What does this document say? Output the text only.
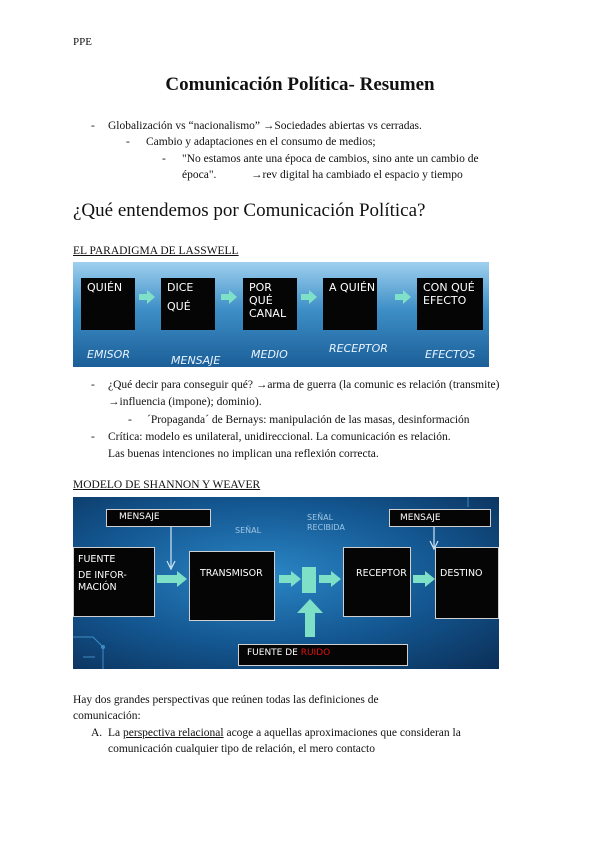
PPE
Comunicación Política- Resumen
- Globalización vs “nacionalismo” →Sociedades abiertas vs cerradas.
- Cambio y adaptaciones en el consumo de medios;
- "No estamos ante una época de cambios, sino ante un cambio de
época".	→rev digital ha cambiado el espacio y tiempo
¿Qué entendemos por Comunicación Política?
EL PARADIGMA DE LASSWELL
QUIÉN	DICE
QUÉ
POR QUÉ
CANAL
A QUIÉN	CON QUÉ
EFECTO
EMISOR	MENSAJE	MEDIO	RECEPTOR	EFECTOS
- ¿Qué decir para conseguir qué? →arma de guerra (la comunic es relación (transmite)
→influencia (impone); dominio).
- ´Propaganda´ de Bernays: manipulación de las masas, desinformación
- Crítica: modelo es unilateral, unidireccional. La comunicación es relación.
Las buenas intenciones no implican una reflexión correcta.
MODELO DE SHANNON Y WEAVER
MENSAJE
SEÑAL
SEÑAL
RECIBIDA
MENSAJE
FUENTE
DE INFOR-
MACIÓN
TRANSMISOR	RECEPTOR	DESTINO
FUENTE DE RUIDO
Hay dos grandes perspectivas que reúnen todas las definiciones de
comunicación:
A. La perspectiva relacional acoge a aquellas aproximaciones que consideran la
comunicación cualquier tipo de relación, el mero contacto
